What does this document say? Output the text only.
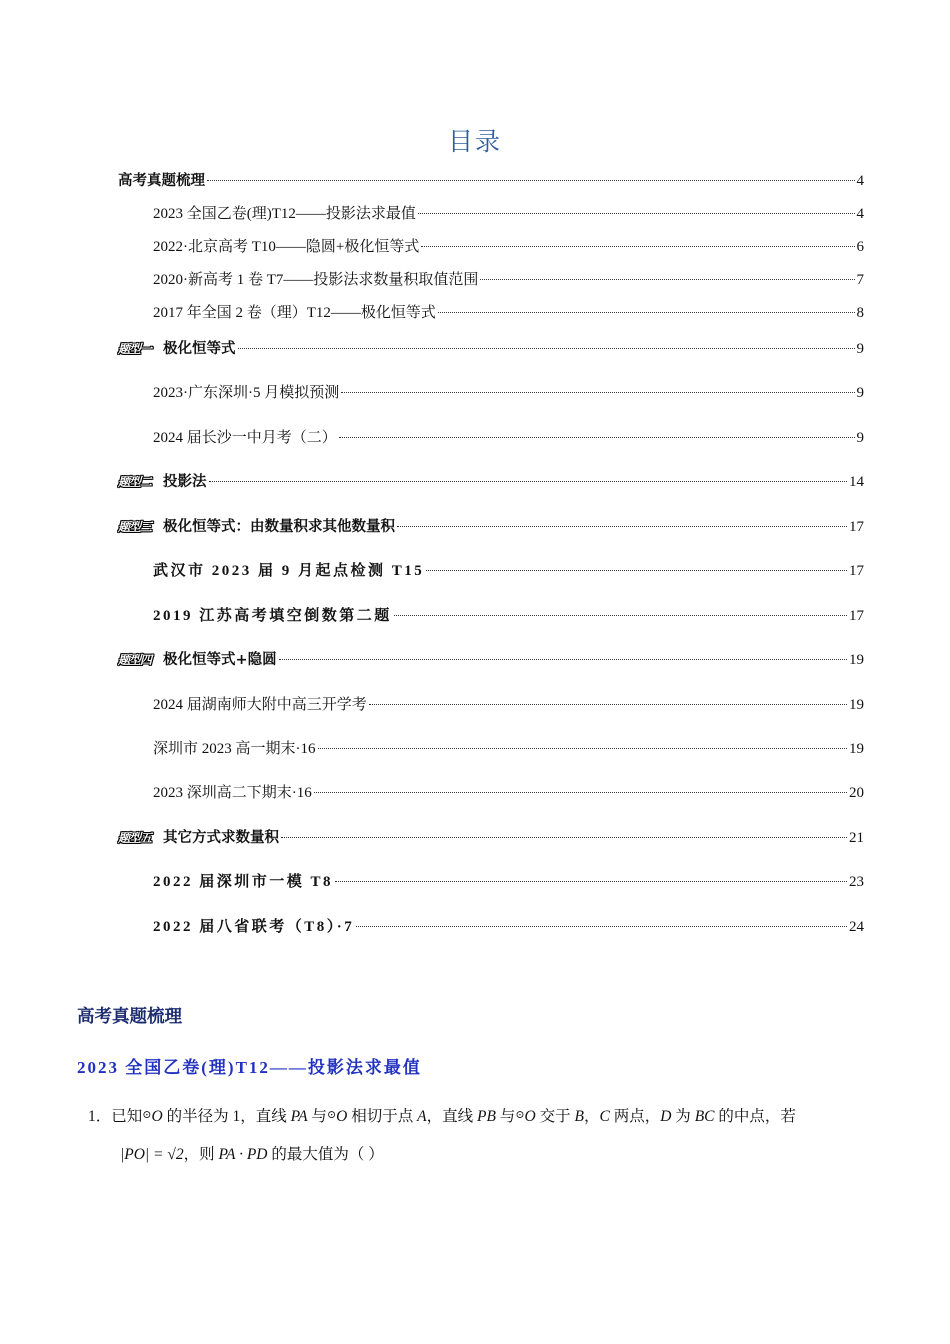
目录
高考真题梳理	4
2023 全国乙卷(理)T12——投影法求最值	4
2022·北京高考 T10——隐圆+极化恒等式	6
2020·新高考 1 卷 T7——投影法求数量积取值范围	7
2017 年全国 2 卷（理）T12——极化恒等式	8
题型一 极化恒等式	9
2023·广东深圳·5 月模拟预测	9
2024 届长沙一中月考（二）	9
题型二 投影法	14
题型三 极化恒等式：由数量积求其他数量积	17
武汉市 2023 届 9 月起点检测 T15	17
2019 江苏高考填空倒数第二题	17
题型四 极化恒等式+隐圆	19
2024 届湖南师大附中高三开学考	19
深圳市 2023 高一期末·16	19
2023 深圳高二下期末·16	20
题型五 其它方式求数量积	21
2022 届深圳市一模 T8	23
2022 届八省联考（T8）·7	24
高考真题梳理
2023 全国乙卷(理)T12——投影法求最值
1．已知⊙O 的半径为 1，直线 PA 与⊙O 相切于点 A，直线 PB 与⊙O 交于 B，C 两点，D 为 BC 的中点，若
|PO| = √2，则 PA · PD 的最大值为（ ）
